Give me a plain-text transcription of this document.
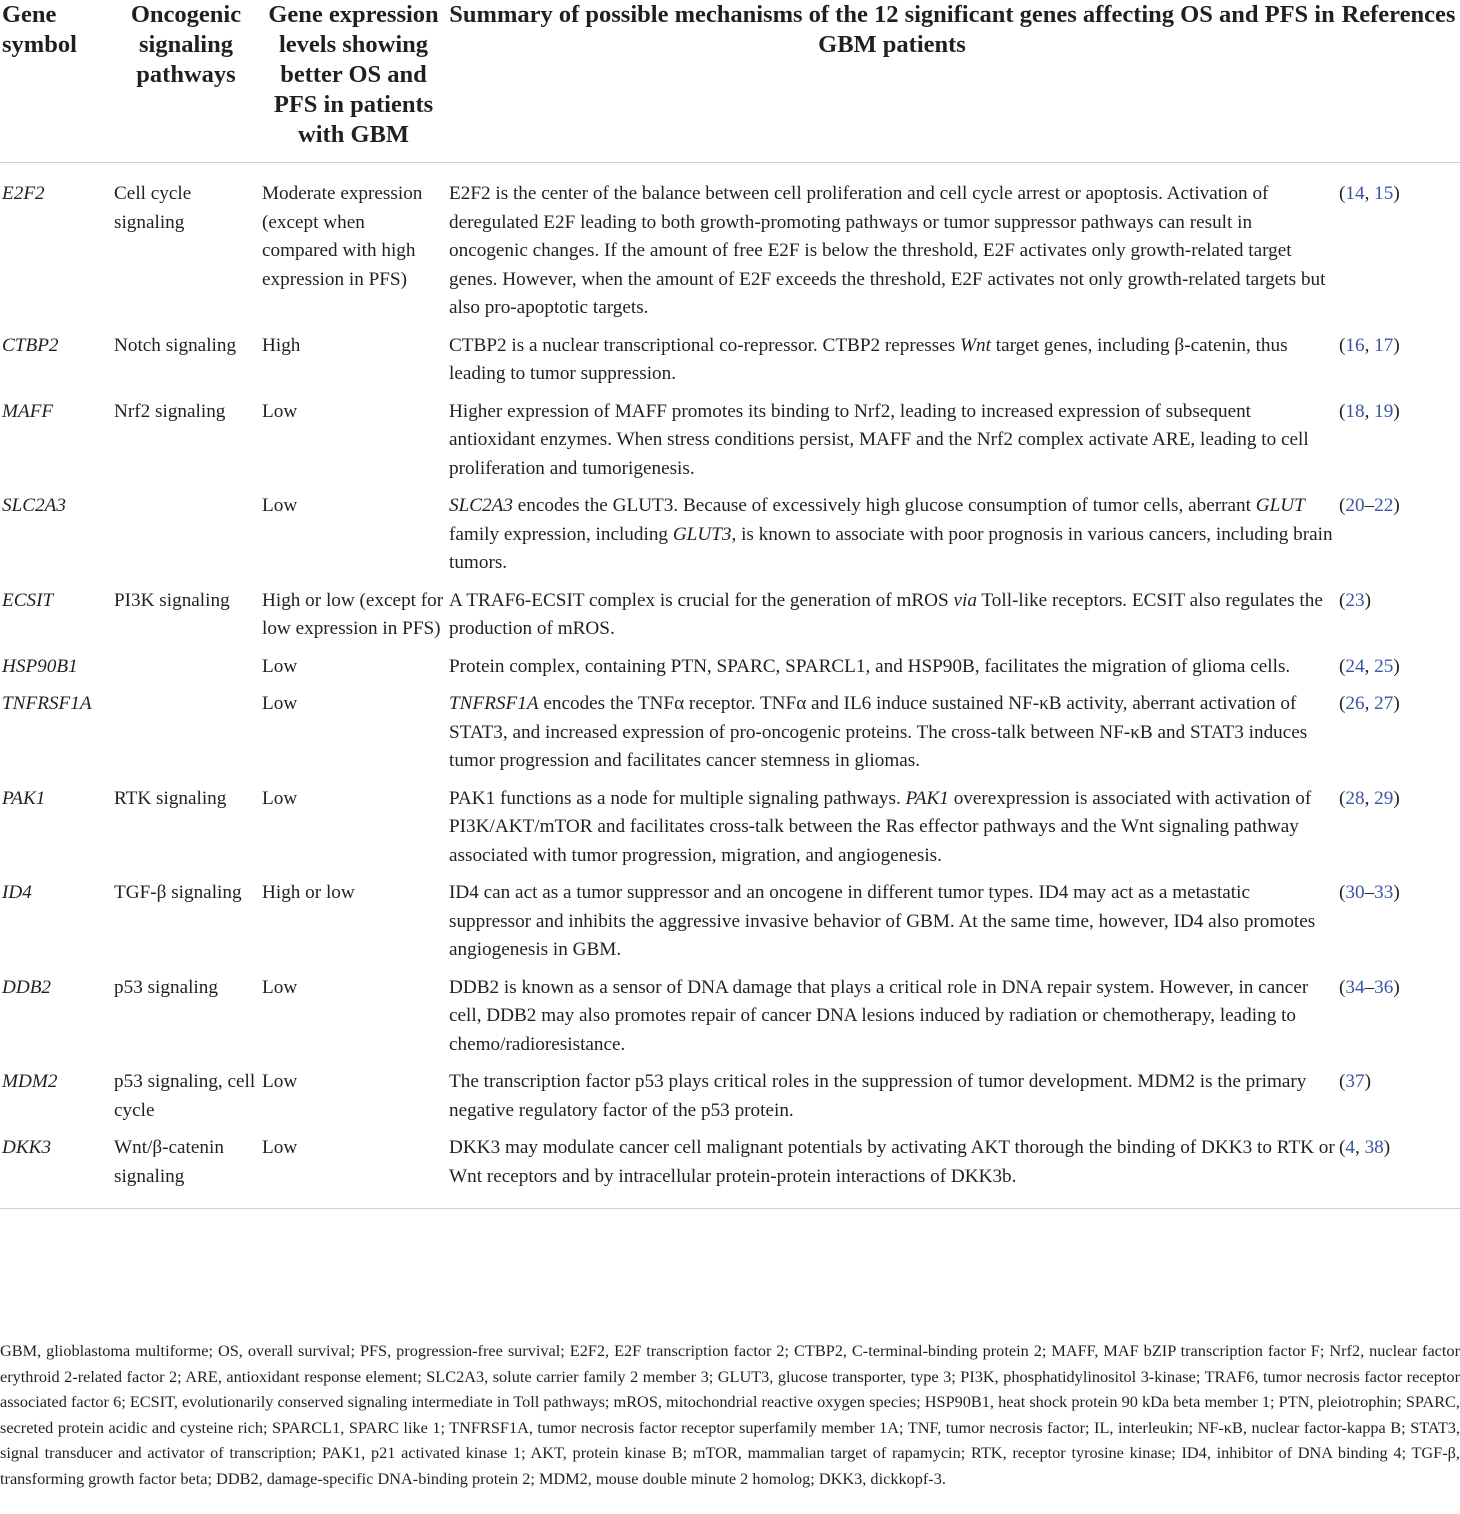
Gene symbol	Oncogenic signaling pathways	Gene expression levels showing better OS and PFS in patients with GBM	Summary of possible mechanisms of the 12 significant genes affecting OS and PFS in GBM patients	References
E2F2	Cell cycle signaling	Moderate expression (except when compared with high expression in PFS)	E2F2 is the center of the balance between cell proliferation and cell cycle arrest or apoptosis. Activation of deregulated E2F leading to both growth-promoting pathways or tumor suppressor pathways can result in oncogenic changes. If the amount of free E2F is below the threshold, E2F activates only growth-related target genes. However, when the amount of E2F exceeds the threshold, E2F activates not only growth-related targets but also pro-apoptotic targets.	(14, 15)
CTBP2	Notch signaling	High	CTBP2 is a nuclear transcriptional co-repressor. CTBP2 represses Wnt target genes, including β-catenin, thus leading to tumor suppression.	(16, 17)
MAFF	Nrf2 signaling	Low	Higher expression of MAFF promotes its binding to Nrf2, leading to increased expression of subsequent antioxidant enzymes. When stress conditions persist, MAFF and the Nrf2 complex activate ARE, leading to cell proliferation and tumorigenesis.	(18, 19)
SLC2A3		Low	SLC2A3 encodes the GLUT3. Because of excessively high glucose consumption of tumor cells, aberrant GLUT family expression, including GLUT3, is known to associate with poor prognosis in various cancers, including brain tumors.	(20–22)
ECSIT	PI3K signaling	High or low (except for low expression in PFS)	A TRAF6-ECSIT complex is crucial for the generation of mROS via Toll-like receptors. ECSIT also regulates the production of mROS.	(23)
HSP90B1		Low	Protein complex, containing PTN, SPARC, SPARCL1, and HSP90B, facilitates the migration of glioma cells.	(24, 25)
TNFRSF1A		Low	TNFRSF1A encodes the TNFα receptor. TNFα and IL6 induce sustained NF-κB activity, aberrant activation of STAT3, and increased expression of pro-oncogenic proteins. The cross-talk between NF-κB and STAT3 induces tumor progression and facilitates cancer stemness in gliomas.	(26, 27)
PAK1	RTK signaling	Low	PAK1 functions as a node for multiple signaling pathways. PAK1 overexpression is associated with activation of PI3K/AKT/mTOR and facilitates cross-talk between the Ras effector pathways and the Wnt signaling pathway associated with tumor progression, migration, and angiogenesis.	(28, 29)
ID4	TGF-β signaling	High or low	ID4 can act as a tumor suppressor and an oncogene in different tumor types. ID4 may act as a metastatic suppressor and inhibits the aggressive invasive behavior of GBM. At the same time, however, ID4 also promotes angiogenesis in GBM.	(30–33)
DDB2	p53 signaling	Low	DDB2 is known as a sensor of DNA damage that plays a critical role in DNA repair system. However, in cancer cell, DDB2 may also promotes repair of cancer DNA lesions induced by radiation or chemotherapy, leading to chemo/radioresistance.	(34–36)
MDM2	p53 signaling, cell cycle	Low	The transcription factor p53 plays critical roles in the suppression of tumor development. MDM2 is the primary negative regulatory factor of the p53 protein.	(37)
DKK3	Wnt/β-catenin signaling	Low	DKK3 may modulate cancer cell malignant potentials by activating AKT thorough the binding of DKK3 to RTK or Wnt receptors and by intracellular protein-protein interactions of DKK3b.	(4, 38)
GBM, glioblastoma multiforme; OS, overall survival; PFS, progression-free survival; E2F2, E2F transcription factor 2; CTBP2, C-terminal-binding protein 2; MAFF, MAF bZIP transcription factor F; Nrf2, nuclear factor erythroid 2-related factor 2; ARE, antioxidant response element; SLC2A3, solute carrier family 2 member 3; GLUT3, glucose transporter, type 3; PI3K, phosphatidylinositol 3-kinase; TRAF6, tumor necrosis factor receptor associated factor 6; ECSIT, evolutionarily conserved signaling intermediate in Toll pathways; mROS, mitochondrial reactive oxygen species; HSP90B1, heat shock protein 90 kDa beta member 1; PTN, pleiotrophin; SPARC, secreted protein acidic and cysteine rich; SPARCL1, SPARC like 1; TNFRSF1A, tumor necrosis factor receptor superfamily member 1A; TNF, tumor necrosis factor; IL, interleukin; NF-κB, nuclear factor-kappa B; STAT3, signal transducer and activator of transcription; PAK1, p21 activated kinase 1; AKT, protein kinase B; mTOR, mammalian target of rapamycin; RTK, receptor tyrosine kinase; ID4, inhibitor of DNA binding 4; TGF-β, transforming growth factor beta; DDB2, damage-specific DNA-binding protein 2; MDM2, mouse double minute 2 homolog; DKK3, dickkopf-3.
